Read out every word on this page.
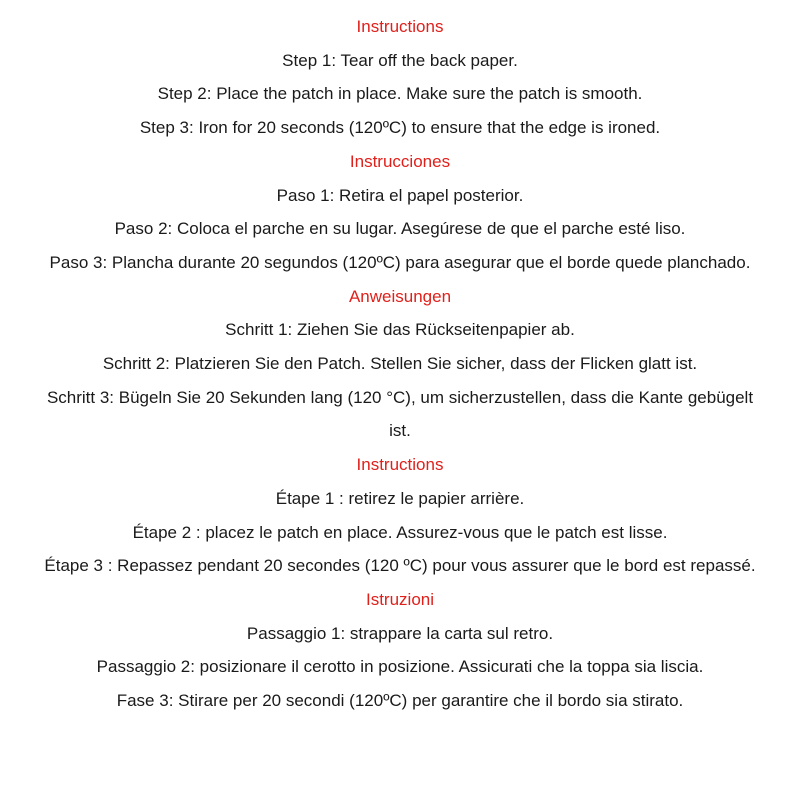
Instructions
Step 1: Tear off the back paper.
Step 2: Place the patch in place. Make sure the patch is smooth.
Step 3: Iron for 20 seconds (120ºC) to ensure that the edge is ironed.
Instrucciones
Paso 1: Retira el papel posterior.
Paso 2: Coloca el parche en su lugar. Asegúrese de que el parche esté liso.
Paso 3: Plancha durante 20 segundos (120ºC) para asegurar que el borde quede planchado.
Anweisungen
Schritt 1: Ziehen Sie das Rückseitenpapier ab.
Schritt 2: Platzieren Sie den Patch. Stellen Sie sicher, dass der Flicken glatt ist.
Schritt 3: Bügeln Sie 20 Sekunden lang (120 °C), um sicherzustellen, dass die Kante gebügelt ist.
Instructions
Étape 1 : retirez le papier arrière.
Étape 2 : placez le patch en place. Assurez-vous que le patch est lisse.
Étape 3 : Repassez pendant 20 secondes (120 ºC) pour vous assurer que le bord est repassé.
Istruzioni
Passaggio 1: strappare la carta sul retro.
Passaggio 2: posizionare il cerotto in posizione. Assicurati che la toppa sia liscia.
Fase 3: Stirare per 20 secondi (120ºC) per garantire che il bordo sia stirato.
